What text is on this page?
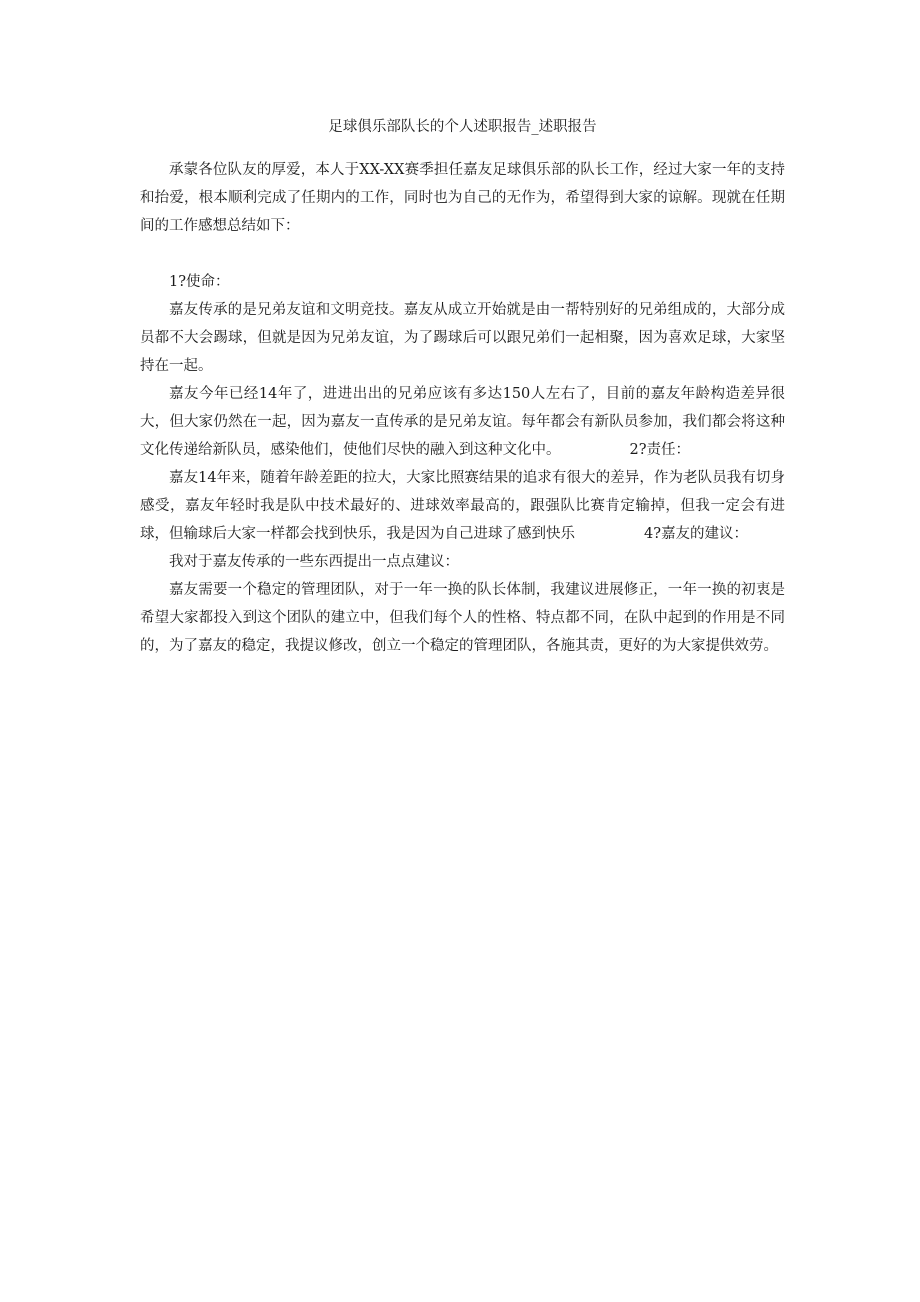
足球俱乐部队长的个人述职报告_述职报告

承蒙各位队友的厚爱，本人于XX-XX赛季担任嘉友足球俱乐部的队长工作，经过大家一年的支持和抬爱，根本顺利完成了任期内的工作，同时也为自己的无作为，希望得到大家的谅解。现就在任期间的工作感想总结如下：

1?使命：

嘉友传承的是兄弟友谊和文明竞技。嘉友从成立开始就是由一帮特别好的兄弟组成的，大部分成员都不大会踢球，但就是因为兄弟友谊，为了踢球后可以跟兄弟们一起相聚，因为喜欢足球，大家坚持在一起。

嘉友今年已经14年了，进进出出的兄弟应该有多达150人左右了，目前的嘉友年龄构造差异很大，但大家仍然在一起，因为嘉友一直传承的是兄弟友谊。每年都会有新队员参加，我们都会将这种文化传递给新队员，感染他们，使他们尽快的融入到这种文化中。	2?责任：

嘉友14年来，随着年龄差距的拉大，大家比照赛结果的追求有很大的差异，作为老队员我有切身感受，嘉友年轻时我是队中技术最好的、进球效率最高的，跟强队比赛肯定输掉，但我一定会有进球，但输球后大家一样都会找到快乐，我是因为自己进球了感到快乐	4?嘉友的建议：

我对于嘉友传承的一些东西提出一点点建议：

嘉友需要一个稳定的管理团队，对于一年一换的队长体制，我建议进展修正，一年一换的初衷是希望大家都投入到这个团队的建立中，但我们每个人的性格、特点都不同，在队中起到的作用是不同的，为了嘉友的稳定，我提议修改，创立一个稳定的管理团队，各施其责，更好的为大家提供效劳。
